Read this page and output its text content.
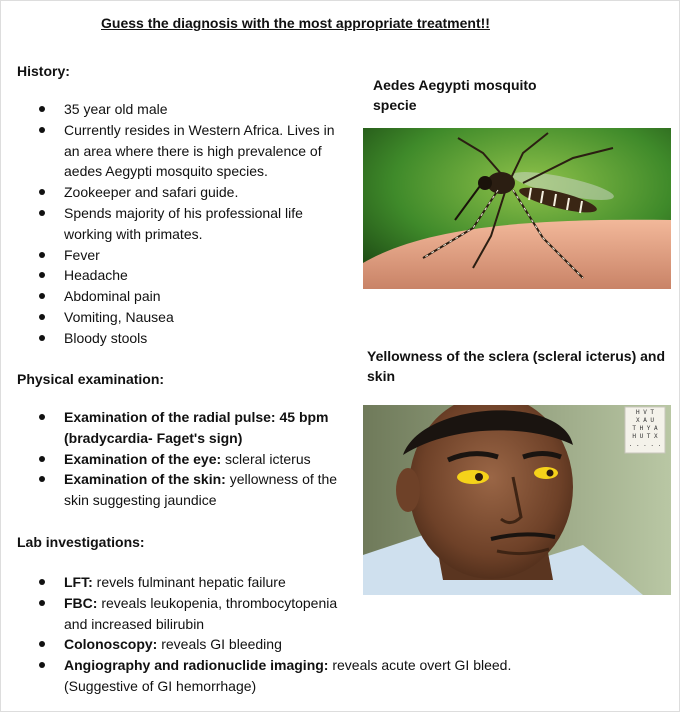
Guess the diagnosis with the most appropriate treatment!!
History:
35 year old male
Currently resides in Western Africa. Lives in an area where there is high prevalence of aedes Aegypti mosquito species.
Zookeeper and safari guide.
Spends majority of his professional life working with primates.
Fever
Headache
Abdominal pain
Vomiting, Nausea
Bloody stools
Physical examination:
Examination of the radial pulse: 45 bpm (bradycardia- Faget's sign)
Examination of the eye: scleral icterus
Examination of the skin: yellowness of the skin suggesting jaundice
Lab investigations:
LFT: revels fulminant hepatic failure
FBC: reveals leukopenia, thrombocytopenia and increased bilirubin
Colonoscopy: reveals GI bleeding
Angiography and radionuclide imaging: reveals acute overt GI bleed. (Suggestive of GI hemorrhage)
Aedes Aegypti mosquito specie
Yellowness of the sclera (scleral icterus) and skin
H V T
X A U
T H Y A
H U T X
. . . . .
